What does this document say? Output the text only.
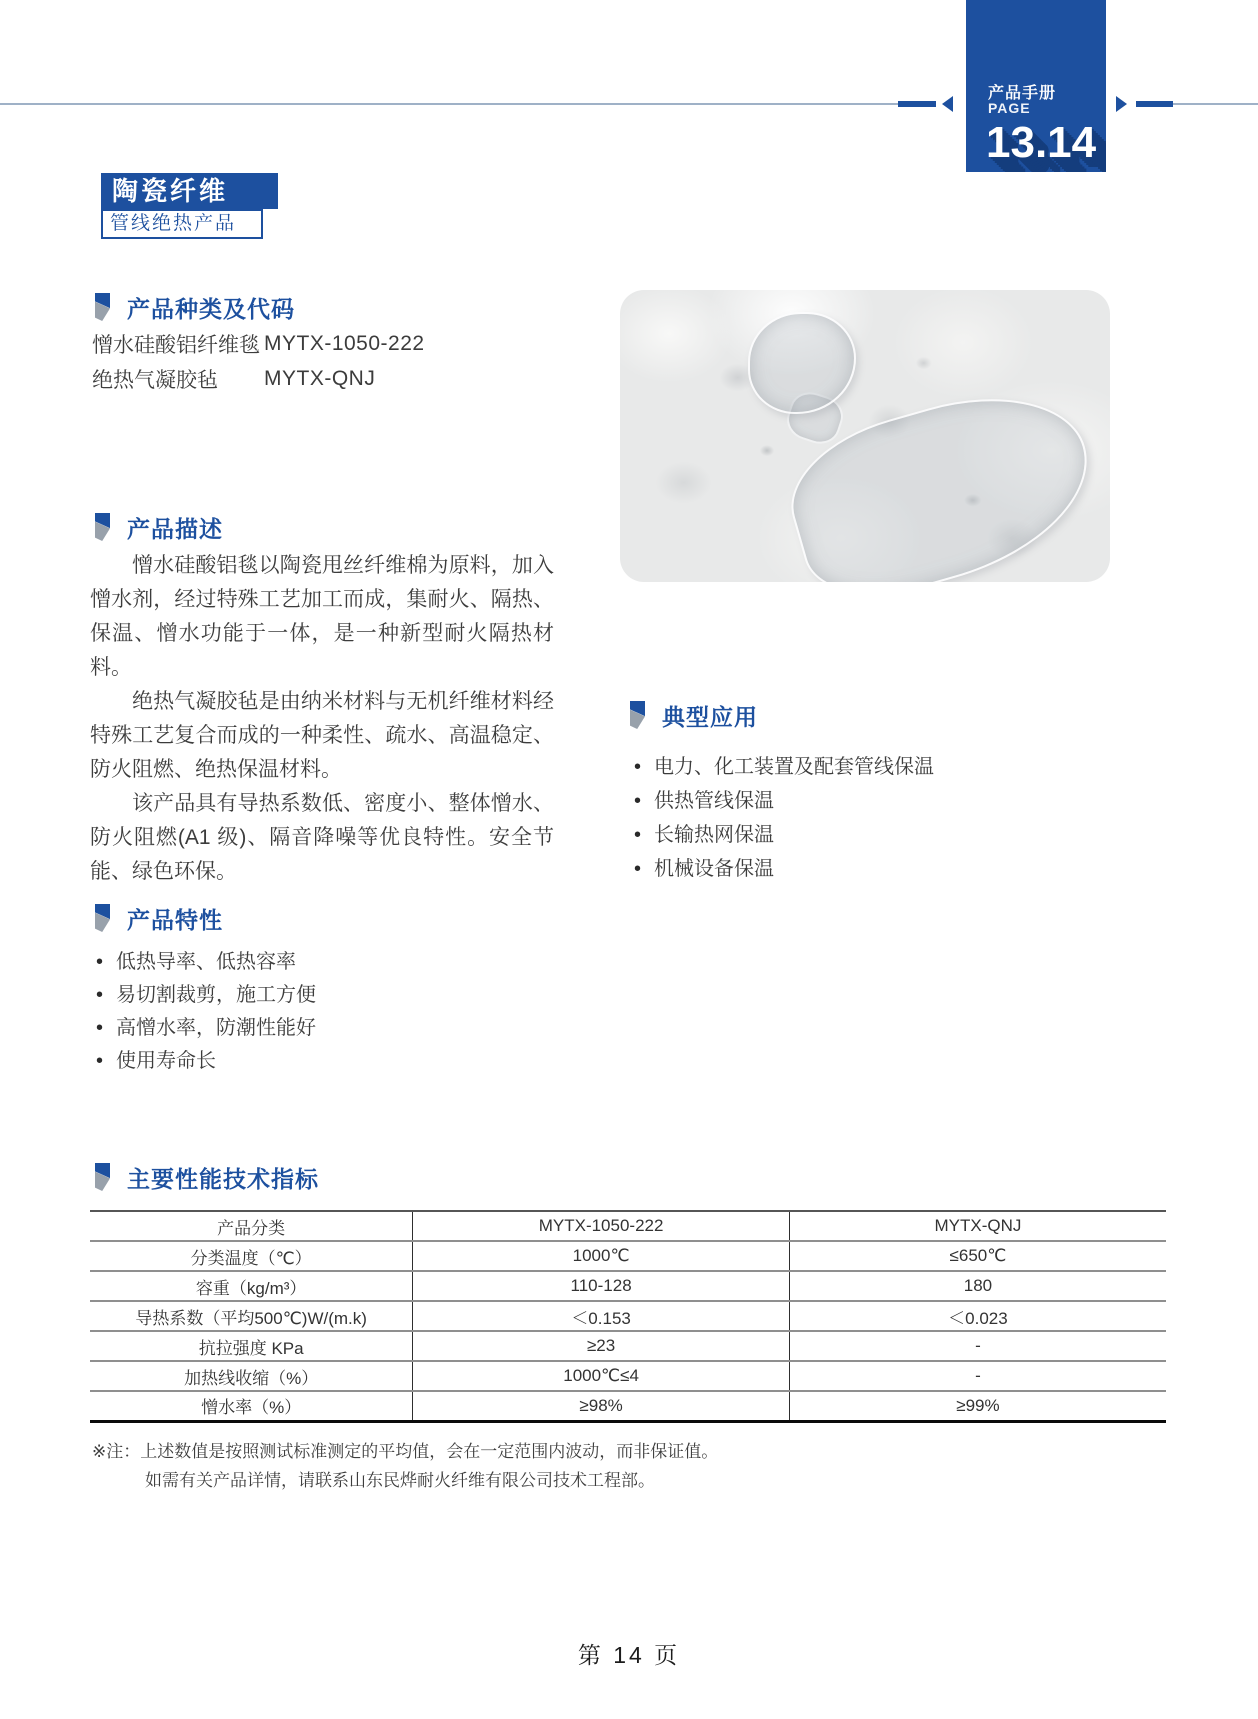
产品手册
PAGE
13.14
陶瓷纤维
管线绝热产品
产品种类及代码
憎水硅酸铝纤维毯 MYTX-1050-222
绝热气凝胶毡	MYTX-QNJ
产品描述

憎水硅酸铝毯以陶瓷甩丝纤维棉为原料，加入憎水剂，经过特殊工艺加工而成，集耐火、隔热、保温、憎水功能于一体，是一种新型耐火隔热材料。

绝热气凝胶毡是由纳米材料与无机纤维材料经特殊工艺复合而成的一种柔性、疏水、高温稳定、防火阻燃、绝热保温材料。

该产品具有导热系数低、密度小、整体憎水、防火阻燃(A1 级)、隔音降噪等优良特性。安全节能、绿色环保。

典型应用
• 电力、化工装置及配套管线保温
• 供热管线保温
• 长输热网保温
• 机械设备保温
产品特性
• 低热导率、低热容率
• 易切割裁剪，施工方便
• 高憎水率，防潮性能好
• 使用寿命长
主要性能技术指标
产品分类	MYTX-1050-222	MYTX-QNJ
分类温度（℃）	1000℃	≤650℃
容重（kg/m³）	110-128	180
导热系数（平均500℃)W/(m.k)	＜0.153	＜0.023
抗拉强度 KPa	≥23	-
加热线收缩（%）	1000℃≤4	-
憎水率（%）	≥98%	≥99%
※注：上述数值是按照测试标准测定的平均值，会在一定范围内波动，而非保证值。
如需有关产品详情，请联系山东民烨耐火纤维有限公司技术工程部。
第 14 页
